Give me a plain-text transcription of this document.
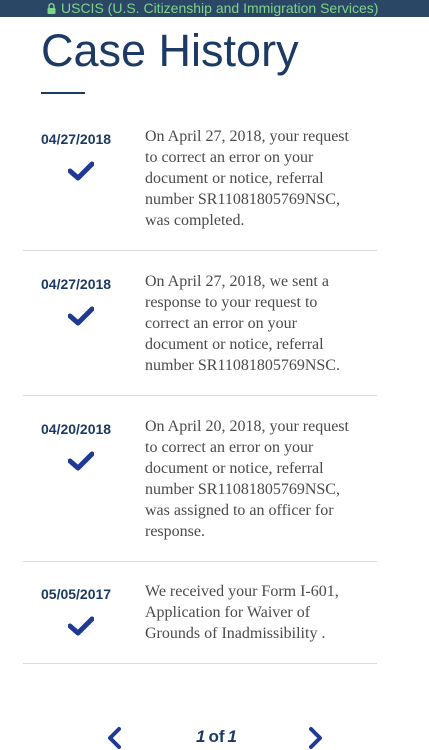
USCIS (U.S. Citizenship and Immigration Services)
Case History
04/27/2018 On April 27, 2018, your request
to correct an error on your
document or notice, referral
number SR11081805769NSC,
was completed.

04/27/2018 On April 27, 2018, we sent a
response to your request to
correct an error on your
document or notice, referral
number SR11081805769NSC.

04/20/2018 On April 20, 2018, your request
to correct an error on your
document or notice, referral
number SR11081805769NSC,
was assigned to an officer for
response.

05/05/2017 We received your Form I-601,
Application for Waiver of
Grounds of Inadmissibility .

1 of 1
